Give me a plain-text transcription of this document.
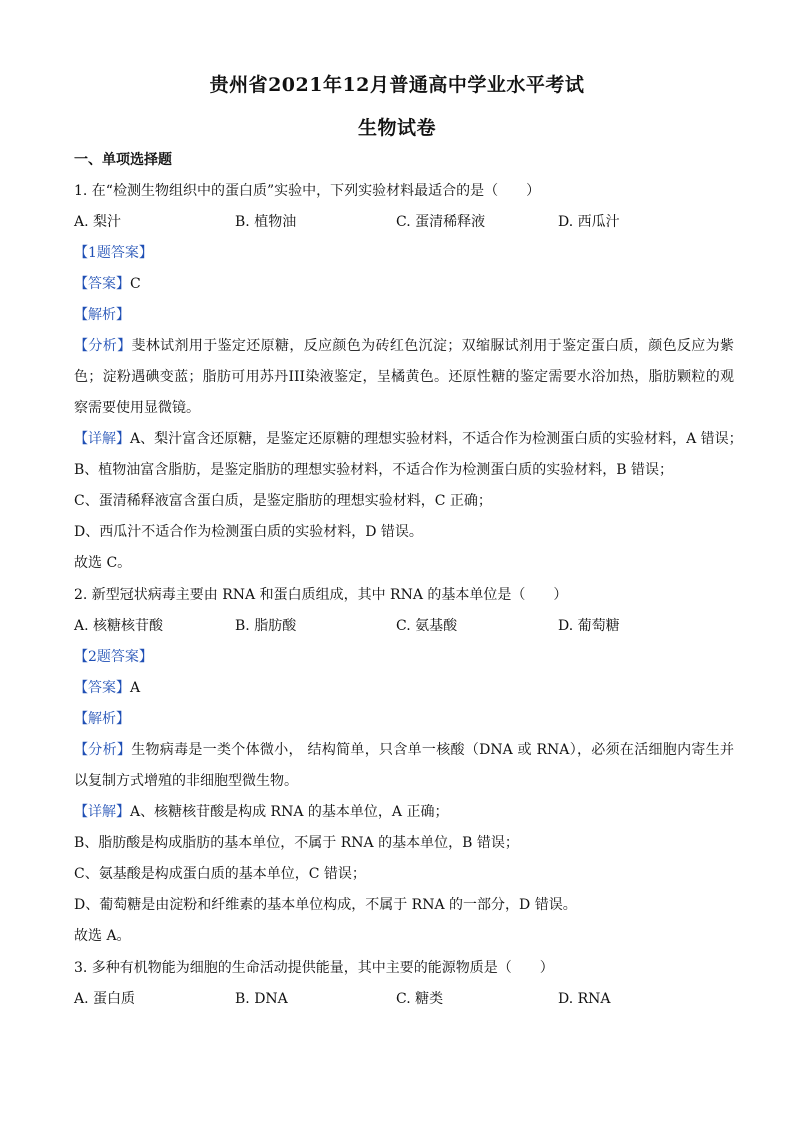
贵州省2021年12月普通高中学业水平考试
生物试卷
一、单项选择题
1. 在“检测生物组织中的蛋白质”实验中，下列实验材料最适合的是（　　）
A. 梨汁	B. 植物油	C. 蛋清稀释液	D. 西瓜汁
【1题答案】
【答案】C
【解析】
【分析】斐林试剂用于鉴定还原糖，反应颜色为砖红色沉淀；双缩脲试剂用于鉴定蛋白质，颜色反应为紫色；淀粉遇碘变蓝；脂肪可用苏丹III染液鉴定，呈橘黄色。还原性糖的鉴定需要水浴加热，脂肪颗粒的观察需要使用显微镜。
【详解】A、梨汁富含还原糖，是鉴定还原糖的理想实验材料，不适合作为检测蛋白质的实验材料，A 错误；
B、植物油富含脂肪，是鉴定脂肪的理想实验材料，不适合作为检测蛋白质的实验材料，B 错误；
C、蛋清稀释液富含蛋白质，是鉴定脂肪的理想实验材料，C 正确；
D、西瓜汁不适合作为检测蛋白质的实验材料，D 错误。
故选 C。
2. 新型冠状病毒主要由 RNA 和蛋白质组成，其中 RNA 的基本单位是（　　）
A. 核糖核苷酸	B. 脂肪酸	C. 氨基酸	D. 葡萄糖
【2题答案】
【答案】A
【解析】
【分析】生物病毒是一类个体微小， 结构简单，只含单一核酸（DNA 或 RNA），必须在活细胞内寄生并以复制方式增殖的非细胞型微生物。
【详解】A、核糖核苷酸是构成 RNA 的基本单位，A 正确；
B、脂肪酸是构成脂肪的基本单位，不属于 RNA 的基本单位，B 错误；
C、氨基酸是构成蛋白质的基本单位，C 错误；
D、葡萄糖是由淀粉和纤维素的基本单位构成，不属于 RNA 的一部分，D 错误。
故选 A。
3. 多种有机物能为细胞的生命活动提供能量，其中主要的能源物质是（　　）
A. 蛋白质	B. DNA	C. 糖类	D. RNA
